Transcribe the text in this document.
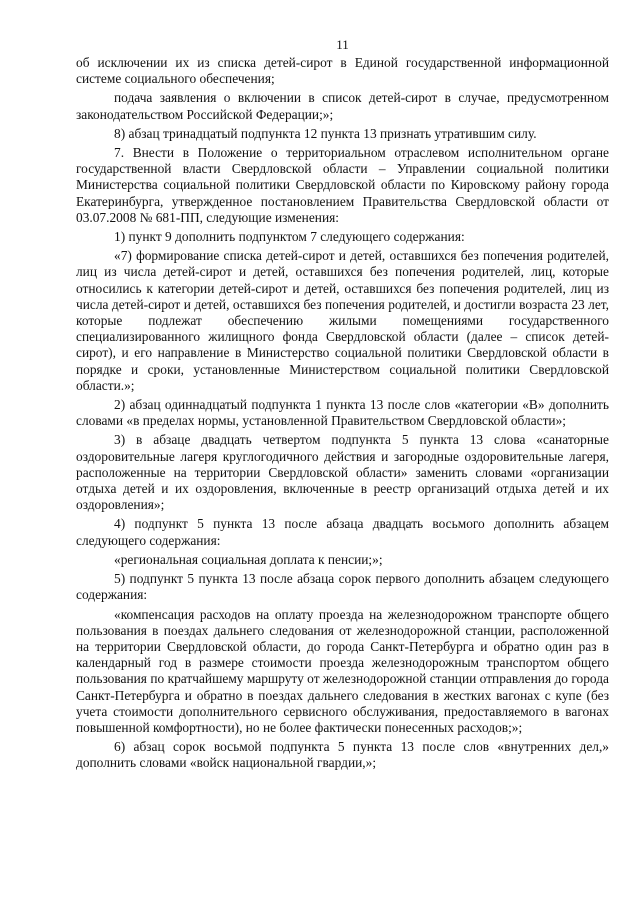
11

об исключении их из списка детей-сирот в Единой государственной информационной системе социального обеспечения;

подача заявления о включении в список детей-сирот в случае, предусмотренном законодательством Российской Федерации;»;

8) абзац тринадцатый подпункта 12 пункта 13 признать утратившим силу.

7. Внести в Положение о территориальном отраслевом исполнительном органе государственной власти Свердловской области – Управлении социальной политики Министерства социальной политики Свердловской области по Кировскому району города Екатеринбурга, утвержденное постановлением Правительства Свердловской области от 03.07.2008 № 681-ПП, следующие изменения:

1) пункт 9 дополнить подпунктом 7 следующего содержания:

«7) формирование списка детей-сирот и детей, оставшихся без попечения родителей, лиц из числа детей-сирот и детей, оставшихся без попечения родителей, лиц, которые относились к категории детей-сирот и детей, оставшихся без попечения родителей, лиц из числа детей-сирот и детей, оставшихся без попечения родителей, и достигли возраста 23 лет, которые подлежат обеспечению жилыми помещениями государственного специализированного жилищного фонда Свердловской области (далее – список детей-сирот), и его направление в Министерство социальной политики Свердловской области в порядке и сроки, установленные Министерством социальной политики Свердловской области.»;

2) абзац одиннадцатый подпункта 1 пункта 13 после слов «категории «В» дополнить словами «в пределах нормы, установленной Правительством Свердловской области»;

3) в абзаце двадцать четвертом подпункта 5 пункта 13 слова «санаторные оздоровительные лагеря круглогодичного действия и загородные оздоровительные лагеря, расположенные на территории Свердловской области» заменить словами «организации отдыха детей и их оздоровления, включенные в реестр организаций отдыха детей и их оздоровления»;

4) подпункт 5 пункта 13 после абзаца двадцать восьмого дополнить абзацем следующего содержания:

«региональная социальная доплата к пенсии;»;

5) подпункт 5 пункта 13 после абзаца сорок первого дополнить абзацем следующего содержания:

«компенсация расходов на оплату проезда на железнодорожном транспорте общего пользования в поездах дальнего следования от железнодорожной станции, расположенной на территории Свердловской области, до города Санкт-Петербурга и обратно один раз в календарный год в размере стоимости проезда железнодорожным транспортом общего пользования по кратчайшему маршруту от железнодорожной станции отправления до города Санкт-Петербурга и обратно в поездах дальнего следования в жестких вагонах с купе (без учета стоимости дополнительного сервисного обслуживания, предоставляемого в вагонах повышенной комфортности), но не более фактически понесенных расходов;»;

6) абзац сорок восьмой подпункта 5 пункта 13 после слов «внутренних дел,» дополнить словами «войск национальной гвардии,»;
